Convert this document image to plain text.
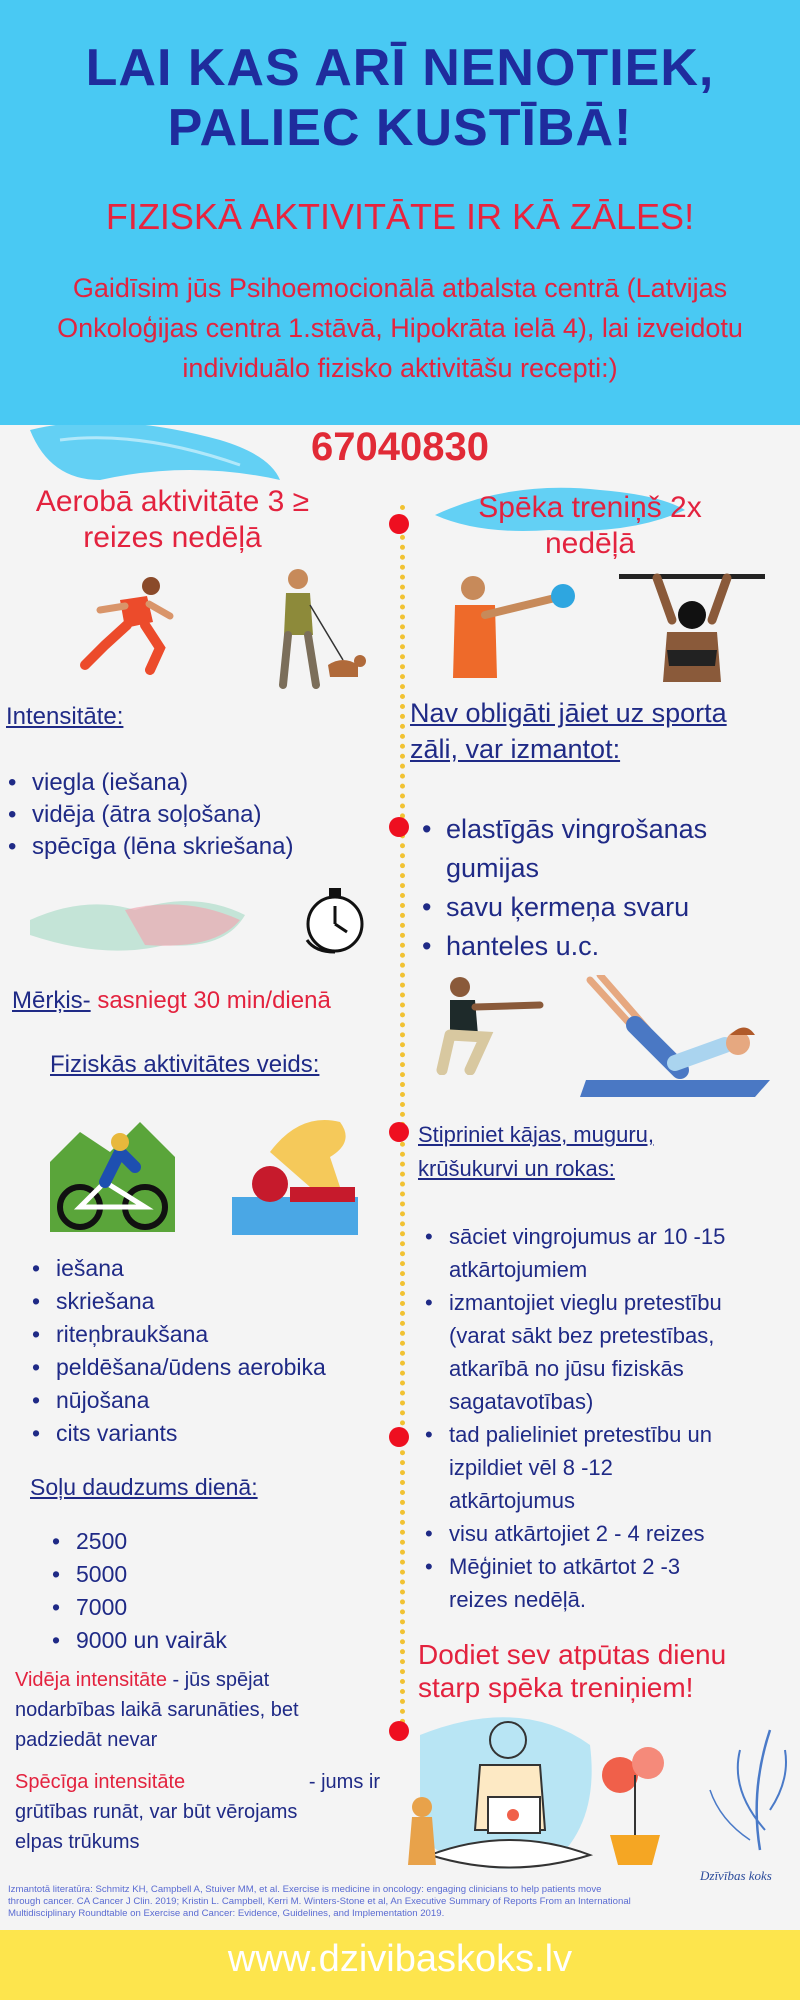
LAI KAS ARĪ NENOTIEK,
PALIEC KUSTĪBĀ!
FIZISKĀ AKTIVITĀTE IR KĀ ZĀLES!
Gaidīsim jūs Psihoemocionālā atbalsta centrā (Latvijas
Onkoloģijas centra 1.stāvā, Hipokrāta ielā 4), lai izveidotu
individuālo fizisko aktivitāšu recepti:)
67040830
Aerobā aktivitāte 3 ≥
reizes nedēļā
Intensitāte:
• viegla (iešana)
• vidēja (ātra soļošana)
• spēcīga (lēna skriešana)
Mērķis- sasniegt 30 min/dienā
Fiziskās aktivitātes veids:
• iešana
• skriešana
• riteņbraukšana
• peldēšana/ūdens aerobika
• nūjošana
• cits variants
Soļu daudzums dienā:
• 2500
• 5000
• 7000
• 9000 un vairāk
Vidēja intensitāte - jūs spējat
nodarbības laikā sarunāties, bet
padziedāt nevar
Spēcīga intensitāte	- jums ir
grūtības runāt, var būt vērojams
elpas trūkums
Spēka treniņš 2x
nedēļā
Nav obligāti jāiet uz sporta
zāli, var izmantot:
• elastīgās vingrošanas
gumijas
• savu ķermeņa svaru
• hanteles u.c.
Stipriniet kājas, muguru,
krūšukurvi un rokas:
• sāciet vingrojumus ar 10 -15
atkārtojumiem
• izmantojiet vieglu pretestību
(varat sākt bez pretestības,
atkarībā no jūsu fiziskās
sagatavotības)
• tad palieliniet pretestību un
izpildiet vēl 8 -12
atkārtojumus
• visu atkārtojiet 2 - 4 reizes
• Mēģiniet to atkārtot 2 -3
reizes nedēļā.
Dodiet sev atpūtas dienu
starp spēka treniņiem!
Dzīvības koks
Izmantotā literatūra: Schmitz KH, Campbell A, Stuiver MM, et al. Exercise is medicine in oncology: engaging clinicians to help patients move
through cancer. CA Cancer J Clin. 2019; Kristin L. Campbell, Kerri M. Winters-Stone et al, An Executive Summary of Reports From an International
Multidisciplinary Roundtable on Exercise and Cancer: Evidence, Guidelines, and Implementation 2019.
www.dzivibaskoks.lv
